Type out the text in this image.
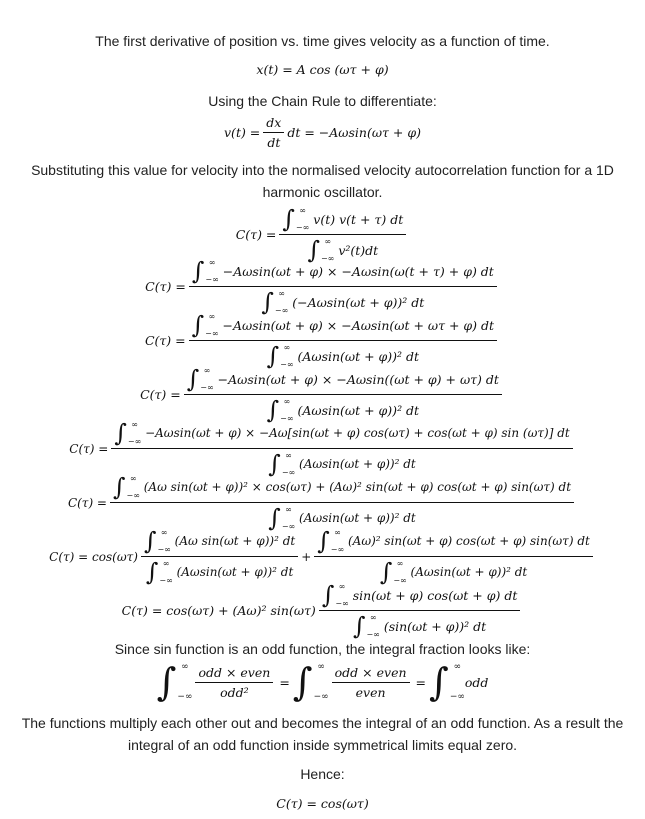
The first derivative of position vs. time gives velocity as a function of time.
x(t) = A cos (ωτ + φ)
Using the Chain Rule to differentiate:
$v(t) = \frac{dx}{dt}$ dt = −Aωsin(ωτ + φ)
Substituting this value for velocity into the normalised velocity autocorrelation function for a 1D harmonic oscillator.
C(τ) = ∫ ∞
−∞

v(t) v(t + τ) dt
∫ ∞
−∞

v²(t)dt
C(τ) = ∫ ∞
−∞

−Aωsin(ωt + φ) × −Aωsin(ω(t + τ) + φ) dt
∫ ∞
−∞

(−Aωsin(ωt + φ))² dt
C(τ) = ∫ ∞
−∞

−Aωsin(ωt + φ) × −Aωsin(ωt + ωτ + φ) dt
∫ ∞
−∞

(Aωsin(ωt + φ))² dt
C(τ) = ∫ ∞
−∞

−Aωsin(ωt + φ) × −Aωsin((ωt + φ) + ωτ) dt
∫ ∞
−∞

(Aωsin(ωt + φ))² dt
C(τ) =
∫ ∞
−∞

−Aωsin(ωt + φ) × −Aω[sin(ωt + φ) cos(ωτ) + cos(ωt + φ) sin (ωτ)] dt
∫ ∞
−∞

(Aωsin(ωt + φ))² dt
C(τ) =
∫ ∞
−∞

(Aω sin(ωt + φ))² × cos(ωτ) + (Aω)² sin(ωt + φ) cos(ωt + φ) sin(ωτ) dt
∫ ∞
−∞

(Aωsin(ωt + φ))² dt
C(τ) = cos(ωτ) ∫ ∞
−∞

(Aω sin(ωt + φ))² dt
∫ ∞
−∞

(Aωsin(ωt + φ))² dt + ∫ ∞
−∞

(Aω)² sin(ωt + φ) cos(ωt + φ) sin(ωτ) dt
∫ ∞
−∞

(Aωsin(ωt + φ))² dt
C(τ) = cos(ωτ) + (Aω)² sin(ωτ) ∫ ∞
−∞

sin(ωt + φ) cos(ωt + φ) dt
∫ ∞
−∞

(sin(ωt + φ))² dt
Since sin function is an odd function, the integral fraction looks like:
∫ ∞
−∞ $\frac{\text{odd × even}}{\text{odd²}}$ = ∫ ∞
−∞ $\frac{\text{odd × even}}{\text{even}}$ = ∫ ∞
−∞
odd
The functions multiply each other out and becomes the integral of an odd function. As a result the integral of an odd function inside symmetrical limits equal zero.
Hence:
C(τ) = cos(ωτ)
